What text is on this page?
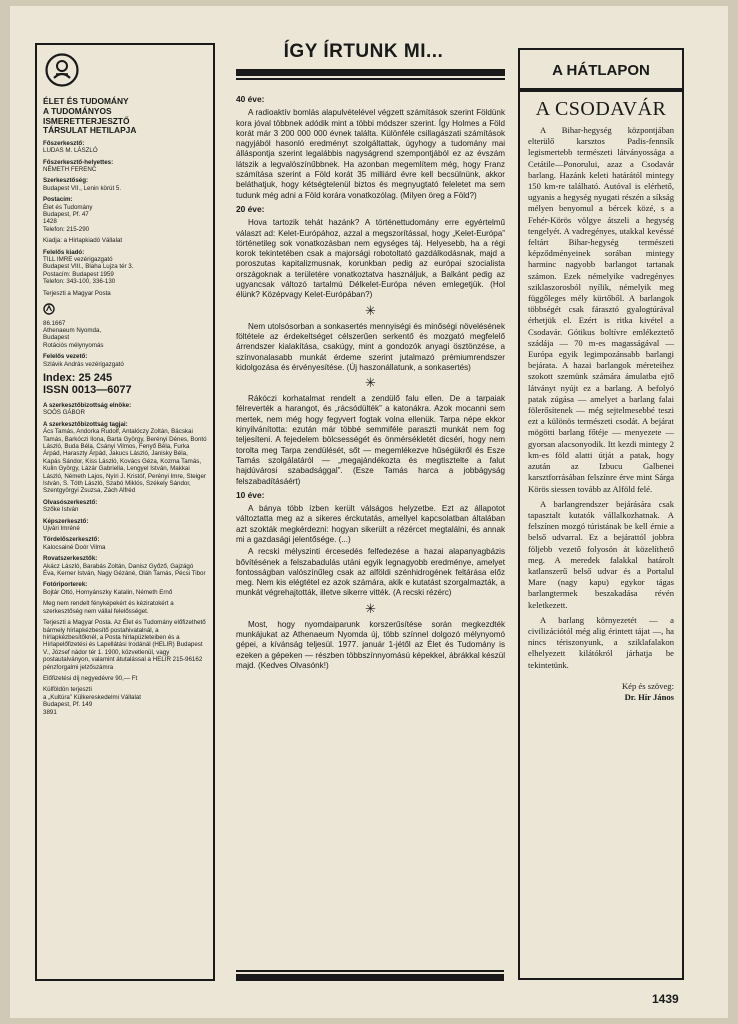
ÉLET ÉS TUDOMÁNY
A TUDOMÁNYOS
ISMERETTERJESZTŐ
TÁRSULAT HETILAPJA
Főszerkesztő:
LUDAS M. LÁSZLÓ
Főszerkesztő-helyettes:
NÉMETH FERENC
Szerkesztőség:
Budapest VII., Lenin körút 5.
Postacím:
Élet és Tudomány
Budapest, Pf. 47
1428
Telefon: 215-290
Kiadja: a Hírlapkiadó Vállalat
Felelős kiadó:
TILL IMRE vezérigazgató
Budapest VIII., Blaha Lujza tér 3.
Postacím: Budapest 1959
Telefon: 343-100, 336-130
Terjeszti a Magyar Posta
86.1667
Athenaeum Nyomda,
Budapest
Rotációs mélynyomás
Felelős vezető:
Szlávik András vezérigazgató
Index: 25 245
ISSN 0013—6077
A szerkesztőbizottság elnöke:
SOÓS GÁBOR
A szerkesztőbizottság tagjai:
Ács Tamás, Andorka Rudolf, Antalóczy Zoltán, Bácskai Tamás, Barkóczi Ilona, Barta György, Berényi Dénes, Bontó László, Buda Béla, Csányi Vilmos, Fenyő Béla, Furka Árpád, Haraszty Árpád, Jakucs László, Janisky Béla, Kapás Sándor, Kiss László, Kovács Géza, Kozma Tamás, Kulin György, Lázár Gabriella, Lengyel István, Makkai László, Németh Lajos, Nyíri J. Kristóf, Perényi Imre, Steiger István, S. Tóth László, Szabó Miklós, Székely Sándor, Szentgyörgyi Zsuzsa, Zách Alfréd
Olvasószerkesztő:
Szőke István
Képszerkesztő:
Ujvári Imréné
Tördelőszerkesztő:
Kalocsainé Doór Vilma
Rovatszerkesztők:
Akácz László, Barabás Zoltán, Danisz Győző, Gajzágó Éva, Kerner István, Nagy Gézáné, Oláh Tamás, Pécsi Tibor
Fotóriporterek:
Bojtár Ottó, Hornyánszky Katalin, Németh Ernő
Meg nem rendelt fényképekért és kéziratokért a szerkesztőség nem vállal felelősséget.
Terjeszti a Magyar Posta. Az Élet és Tudomány előfizethető bármely hírlapkézbesítő postahivatalnál, a hírlapkézbesítőknél, a Posta hírlapüzleteiben és a Hírlapelőfizetési és Lapellátási Irodánál (HELIR) Budapest V., József nádor tér 1. 1900, közvetlenül, vagy postautalványon, valamint átutalással a HELIR 215-96162 pénzforgalmi jelzőszámra
Előfizetési díj negyedévre 90,— Ft
Külföldön terjeszti
a „Kultúra” Külkereskedelmi Vállalat
Budapest, Pf. 149
3891
ÍGY ÍRTUNK MI...
40 éve:

A radioaktív bomlás alapulvételével végzett számítások szerint Földünk kora jóval többnek adódik mint a többi módszer szerint. Így Holmes a Föld korát már 3 200 000 000 évnek találta. Különféle csillagászati számítások nagyjából hasonló eredményt szolgáltattak, úgyhogy a tudomány mai álláspontja szerint legalábbis nagyságrend szempontjából ez az évszám látszik a legvalószínűbbnek. Ha azonban megemlítem még, hogy Franz számítása szerint a Föld korát 35 milliárd évre kell becsülnünk, akkor beláthatjuk, hogy kétségtelenül biztos és megnyugtató feleletet ma sem tudunk még adni a Föld korára vonatkozólag. (Milyen öreg a Föld?)

20 éve:

Hova tartozik tehát hazánk? A történettudomány erre egyértelmű választ ad: Kelet-Európához, azzal a megszorítással, hogy „Kelet-Európa” történetileg sok vonatkozásban nem egységes táj. Helyesebb, ha a régi korok tekintetében csak a majorsági robotoltató gazdálkodásnak, majd a poroszutas kapitalizmusnak, korunkban pedig az európai szocialista országoknak a területére vonatkoztatva használjuk, a Balkánt pedig az ugyancsak változó tartalmú Délkelet-Európa néven emlegetjük. (Hol élünk? Középvagy Kelet-Európában?)

✳

Nem utolsósorban a sonkasertés mennyiségi és minőségi növelésének föltétele az érdekeltséget célszerűen serkentő és mozgató megfelelő árrendszer kialakítása, csakúgy, mint a gondozók anyagi ösztönzése, a színvonalasabb munkát érdeme szerint jutalmazó prémiumrendszer kidolgozása és érvényesítése. (Új haszonállatunk, a sonkasertés)

✳

Rákóczi korhatalmat rendelt a zendülő falu ellen. De a tarpaiak félreverték a harangot, és „rácsódülték” a katonákra. Azok mocanni sem mertek, nem még hogy fegyvert fogtak volna ellenük. Tarpa népe ekkor kinyilvánította: ezután már többé semmiféle paraszti munkát nem fog teljesíteni. A fejedelem bölcsességét és önmérsékletét dicséri, hogy nem torolta meg Tarpa zendülését, sőt — megemlékezve hűségükről és Esze Tamás szolgálatáról — „megajándékozta és megtisztelte a falut hajdúvárosi szabadsággal”. (Esze Tamás harca a jobbágyság felszabadításáért)

10 éve:

A bánya több ízben került válságos helyzetbe. Ezt az állapotot változtatta meg az a sikeres érckutatás, amellyel kapcsolatban általában azt szokták megkérdezni: hogyan sikerült a rézércet megtalálni, és annak mi a gazdasági jelentősége. (...)

A recski mélyszinti ércesedés felfedezése a hazai alapanyagbázis bővítésének a felszabadulás utáni egyik legnagyobb eredménye, amelyet fontosságban valószínűleg csak az alföldi szénhidrogének feltárása előz meg. Nem kis elégtétel ez azok számára, akik e kutatást szorgalmazták, a munkát végrehajtották, illetve sikerre vitték. (A recski rézérc)

✳

Most, hogy nyomdaiparunk korszerűsítése során megkezdték munkájukat az Athenaeum Nyomda új, több színnel dolgozó mélynyomó gépei, a kívánság teljesül. 1977. január 1-jétől az Élet és Tudomány is ezeken a gépeken — részben többszínnyomású képekkel, ábrákkal készül majd. (Kedves Olvasónk!)

A HÁTLAPON
A CSODAVÁR

A Bihar-hegység központjában elterülő karsztos Padis-fennsík legismertebb természeti látványossága a Cetátile—Ponorului, azaz a Csodavár barlang. Hazánk keleti határától mintegy 150 km-re található. Autóval is elérhető, ugyanis a hegység nyugati részén a síkság mélyen benyomul a bércek közé, s a Fehér-Körös völgye átszeli a hegység tengelyét. A vadregényes, utakkal kevéssé feltárt Bihar-hegység természeti képződményeinek sorában mintegy harminc nagyobb barlangot tartanak számon. Ezek némelyike vadregényes sziklaszorosból nyílik, némelyik meg függőleges mély kürtőből. A barlangok többségét csak fárasztó gyalogtúrával érhetjük el. Ezért is ritka kivétel a Csodavár. Gótikus boltívre emlékeztető szádája — 70 m-es magasságával — Európa egyik legimpozánsabb barlangi bejárata. A hazai barlangok méreteihez szokott szemünk számára ámulatba ejtő látványt nyújt ez a barlang. A befolyó patak zúgása — amelyet a barlang falai fölerősítenek — még sejtelmesebbé teszi ezt a különös természeti csodát. A bejárat mögötti barlang főtéje — menyezete — gyorsan alacsonyodik. Itt kezdi mintegy 2 km-es föld alatti útját a patak, hogy azután az Izbucu Galbenei karsztforrásában felszínre érve mint Sárga Körös siessen tovább az Alföld felé.

A barlangrendszer bejárására csak tapasztalt kutatók vállalkozhatnak. A felszínen mozgó túristának be kell érnie a belső udvarral. Ez a bejárattól jobbra följebb vezető folyosón át közelíthető meg. A meredek falakkal határolt katlanszerű belső udvar és a Portalul Mare (nagy kapu) egykor tágas barlangtermek beszakadása révén keletkezett.

A barlang környezetét — a civilizációtól még alig érintett tájat —, ha nincs tériszonyunk, a sziklafalakon elhelyezett kilátókról járhatja be tekintetünk.

Kép és szöveg:
Dr. Hír János
1439
